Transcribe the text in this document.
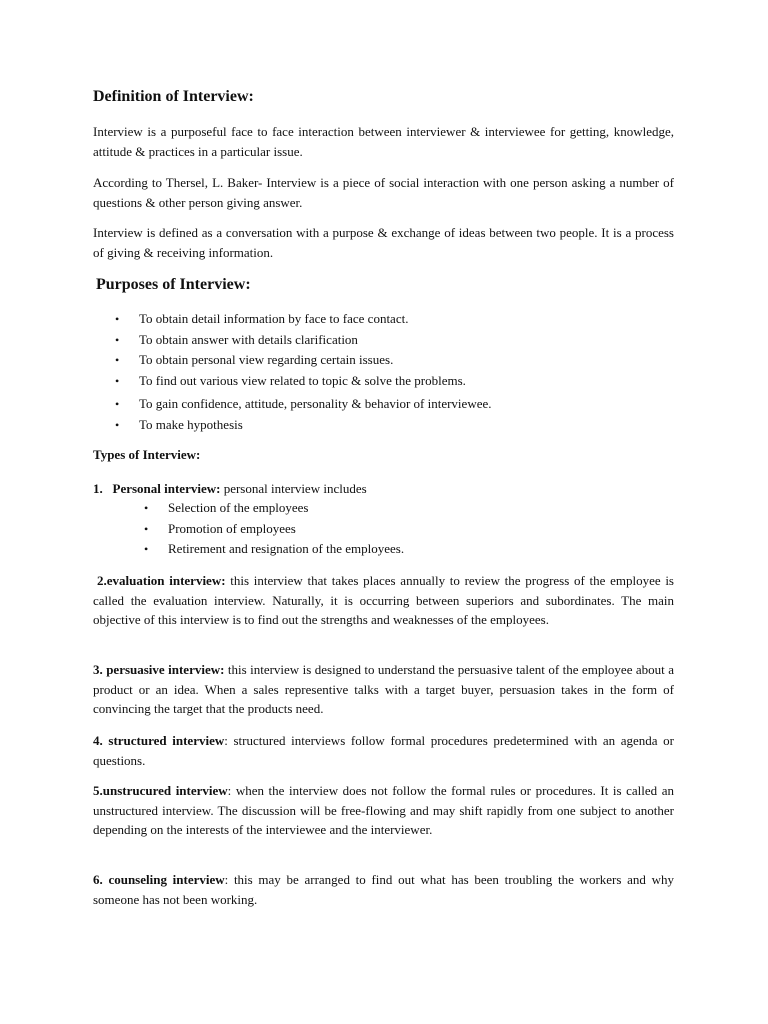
Definition of Interview:

Interview is a purposeful face to face interaction between interviewer & interviewee for getting, knowledge, attitude & practices in a particular issue.

According to Thersel, L. Baker- Interview is a piece of social interaction with one person asking a number of questions & other person giving answer.

Interview is defined as a conversation with a purpose & exchange of ideas between two people. It is a process of giving & receiving information.

Purposes of Interview:
• To obtain detail information by face to face contact.
• To obtain answer with details clarification
• To obtain personal view regarding certain issues.
• To find out various view related to topic & solve the problems.
• To gain confidence, attitude, personality & behavior of interviewee.
• To make hypothesis
Types of Interview:
1. Personal interview: personal interview includes
• Selection of the employees
• Promotion of employees
• Retirement and resignation of the employees.

2.evaluation interview: this interview that takes places annually to review the progress of the employee is called the evaluation interview. Naturally, it is occurring between superiors and subordinates. The main objective of this interview is to find out the strengths and weaknesses of the employees.

3. persuasive interview: this interview is designed to understand the persuasive talent of the employee about a product or an idea. When a sales representive talks with a target buyer, persuasion takes in the form of convincing the target that the products need.

4. structured interview: structured interviews follow formal procedures predetermined with an agenda or questions.

5.unstrucured interview: when the interview does not follow the formal rules or procedures. It is called an unstructured interview. The discussion will be free-flowing and may shift rapidly from one subject to another depending on the interests of the interviewee and the interviewer.

6. counseling interview: this may be arranged to find out what has been troubling the workers and why someone has not been working.
